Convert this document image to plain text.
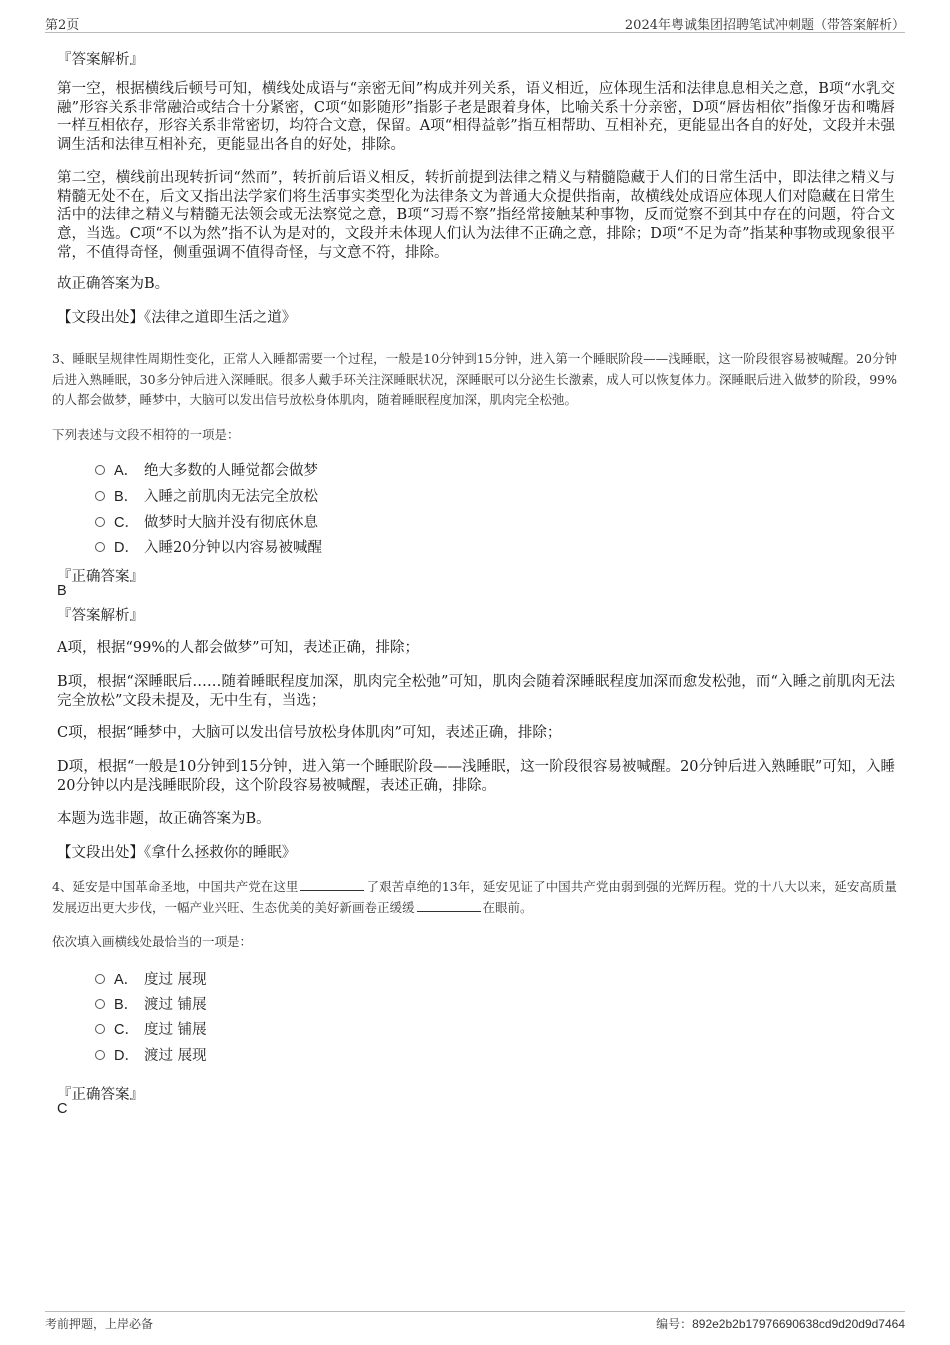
第2页	2024年粤诚集团招聘笔试冲刺题（带答案解析）
『答案解析』
第一空，根据横线后顿号可知，横线处成语与“亲密无间”构成并列关系，语义相近，应体现生活和法律息息相关之意，B项“水乳交融”形容关系非常融洽或结合十分紧密，C项“如影随形”指影子老是跟着身体，比喻关系十分亲密，D项“唇齿相依”指像牙齿和嘴唇一样互相依存，形容关系非常密切，均符合文意，保留。A项“相得益彰”指互相帮助、互相补充，更能显出各自的好处，文段并未强调生活和法律互相补充，更能显出各自的好处，排除。
第二空，横线前出现转折词“然而”，转折前后语义相反，转折前提到法律之精义与精髓隐藏于人们的日常生活中，即法律之精义与精髓无处不在，后文又指出法学家们将生活事实类型化为法律条文为普通大众提供指南，故横线处成语应体现人们对隐藏在日常生活中的法律之精义与精髓无法领会或无法察觉之意，B项“习焉不察”指经常接触某种事物，反而觉察不到其中存在的问题，符合文意，当选。C项“不以为然”指不认为是对的，文段并未体现人们认为法律不正确之意，排除；D项“不足为奇”指某种事物或现象很平常，不值得奇怪，侧重强调不值得奇怪，与文意不符，排除。
故正确答案为B。
【文段出处】《法律之道即生活之道》
3、睡眠呈规律性周期性变化，正常人入睡都需要一个过程，一般是10分钟到15分钟，进入第一个睡眠阶段——浅睡眠，这一阶段很容易被喊醒。20分钟后进入熟睡眠，30多分钟后进入深睡眠。很多人戴手环关注深睡眠状况，深睡眠可以分泌生长激素，成人可以恢复体力。深睡眠后进入做梦的阶段，99%的人都会做梦，睡梦中，大脑可以发出信号放松身体肌肉，随着睡眠程度加深，肌肉完全松弛。
下列表述与文段不相符的一项是：
A． 绝大多数的人睡觉都会做梦
B． 入睡之前肌肉无法完全放松
C． 做梦时大脑并没有彻底休息
D． 入睡20分钟以内容易被喊醒
『正确答案』
B
『答案解析』
A项，根据“99%的人都会做梦”可知，表述正确，排除；
B项，根据“深睡眠后……随着睡眠程度加深，肌肉完全松弛”可知，肌肉会随着深睡眠程度加深而愈发松弛，而“入睡之前肌肉无法完全放松”文段未提及，无中生有，当选；
C项，根据“睡梦中，大脑可以发出信号放松身体肌肉”可知，表述正确，排除；
D项，根据“一般是10分钟到15分钟，进入第一个睡眠阶段——浅睡眠，这一阶段很容易被喊醒。20分钟后进入熟睡眠”可知，入睡20分钟以内是浅睡眠阶段，这个阶段容易被喊醒，表述正确，排除。
本题为选非题，故正确答案为B。
【文段出处】《拿什么拯救你的睡眠》
4、延安是中国革命圣地，中国共产党在这里	了艰苦卓绝的13年，延安见证了中国共产党由弱到强的光辉历程。党的十八大以来，延安高质量发展迈出更大步伐，一幅产业兴旺、生态优美的美好新画卷正缓缓	在眼前。
依次填入画横线处最恰当的一项是：
A． 度过 展现
B． 渡过 铺展
C． 度过 铺展
D． 渡过 展现
『正确答案』
C
考前押题，上岸必备	编号：892e2b2b17976690638cd9d20d9d7464
